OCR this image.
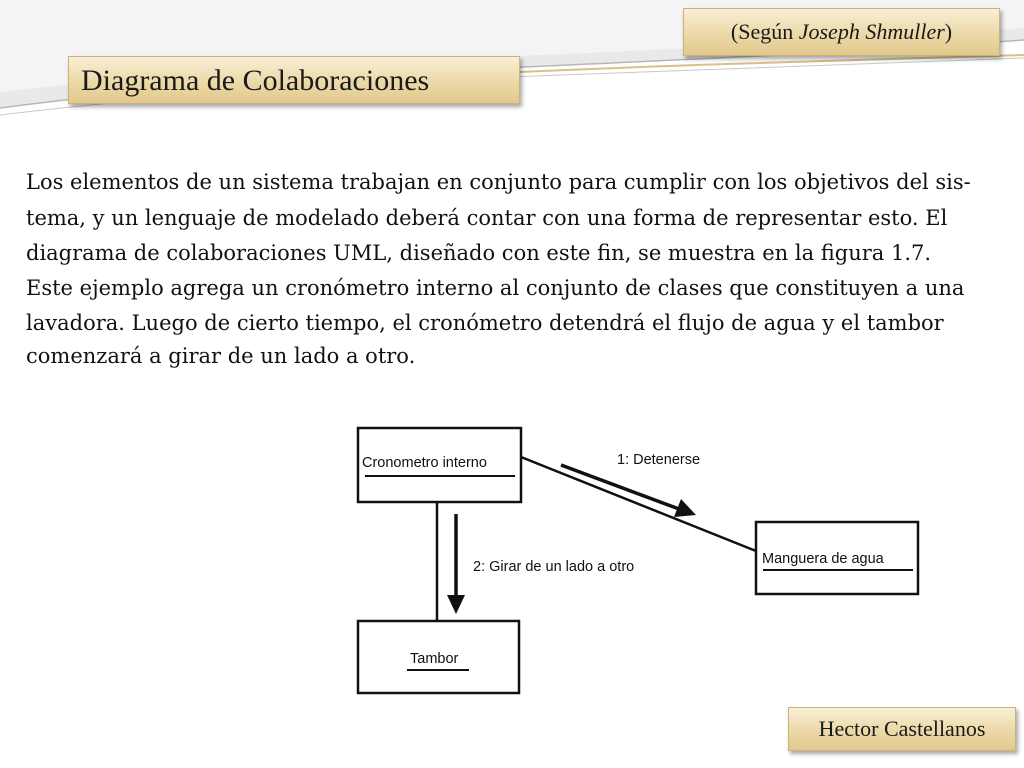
(Según Joseph Shmuller)
Diagrama de Colaboraciones
Los elementos de un sistema trabajan en conjunto para cumplir con los objetivos del sis-
tema, y un lenguaje de modelado deberá contar con una forma de representar esto. El
diagrama de colaboraciones UML, diseñado con este fin, se muestra en la figura 1.7.
Este ejemplo agrega un cronómetro interno al conjunto de clases que constituyen a una
lavadora. Luego de cierto tiempo, el cronómetro detendrá el flujo de agua y el tambor
comenzará a girar de un lado a otro.
Cronometro interno
Manguera de agua
Tambor
1: Detenerse
2: Girar de un lado a otro
Hector Castellanos
